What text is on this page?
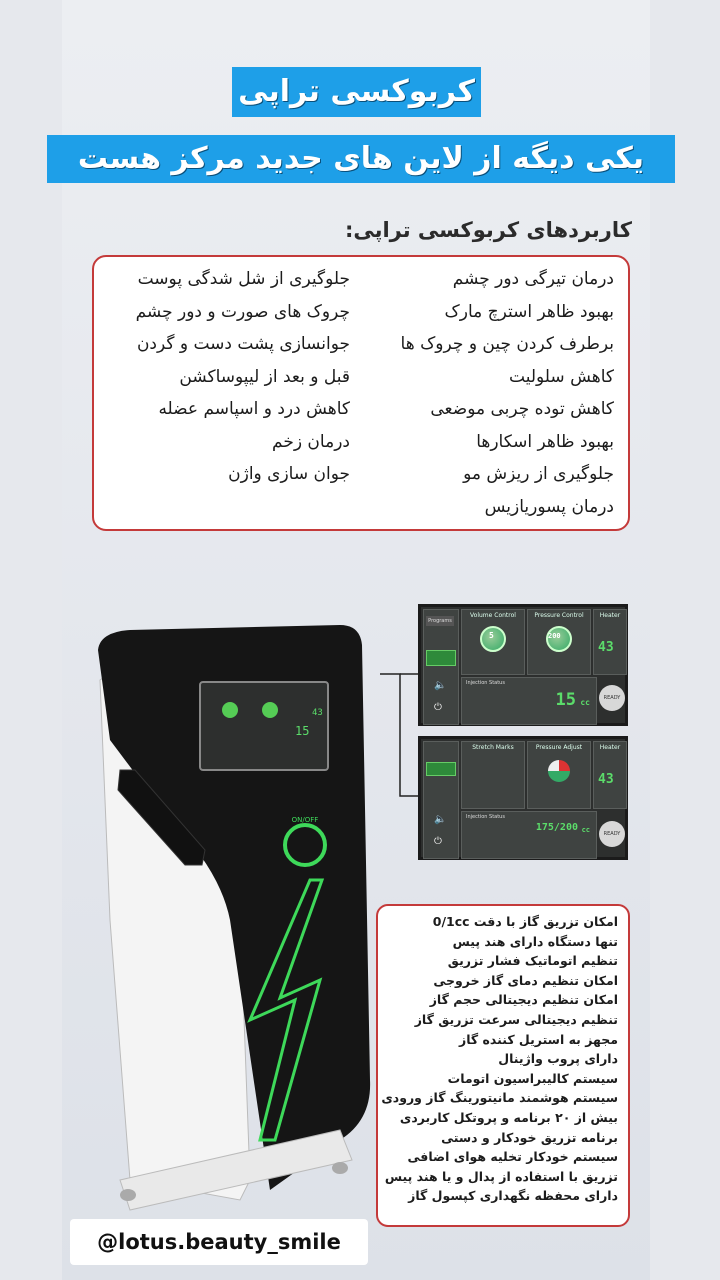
کربوکسی تراپی
یکی دیگه از لاین های جدید مرکز هست
کاربردهای کربوکسی تراپی:
درمان تیرگی دور چشم
بهبود ظاهر استرچ مارک
برطرف کردن چین و چروک ها
کاهش سلولیت
کاهش توده چربی موضعی
بهبود ظاهر اسکارها
جلوگیری از ریزش مو
درمان پسوریازیس
جلوگیری از شل شدگی پوست
چروک های صورت و دور چشم
جوانسازی پشت دست و گردن
قبل و بعد از لیپوساکشن
کاهش درد و اسپاسم عضله
درمان زخم
جوان سازی واژن
ON/OFF
15
43
Programs
🔈
⏻
Volume Control
5
Pressure Control
200
Heater
43
Injection Status
15 cc	READY
🔈
⏻
Stretch Marks	Pressure Adjust	Heater
43
Injection Status
175/200 cc	READY
امکان تزریق گاز با دقت 0/1cc
تنها دستگاه دارای هند پیس
تنظیم اتوماتیک فشار تزریق
امکان تنظیم دمای گاز خروجی
امکان تنظیم دیجیتالی حجم گاز
تنظیم دیجیتالی سرعت تزریق گاز
مجهز به استریل کننده گاز
دارای پروب واژینال
سیستم کالیبراسیون اتومات
سیستم هوشمند مانیتورینگ گاز ورودی
بیش از ۲۰ برنامه و پروتکل کاربردی
برنامه تزریق خودکار و دستی
سیستم خودکار تخلیه هوای اضافی
تزریق با استفاده از پدال و یا هند پیس
دارای محفظه نگهداری کپسول گاز
@lotus.beauty_smile
